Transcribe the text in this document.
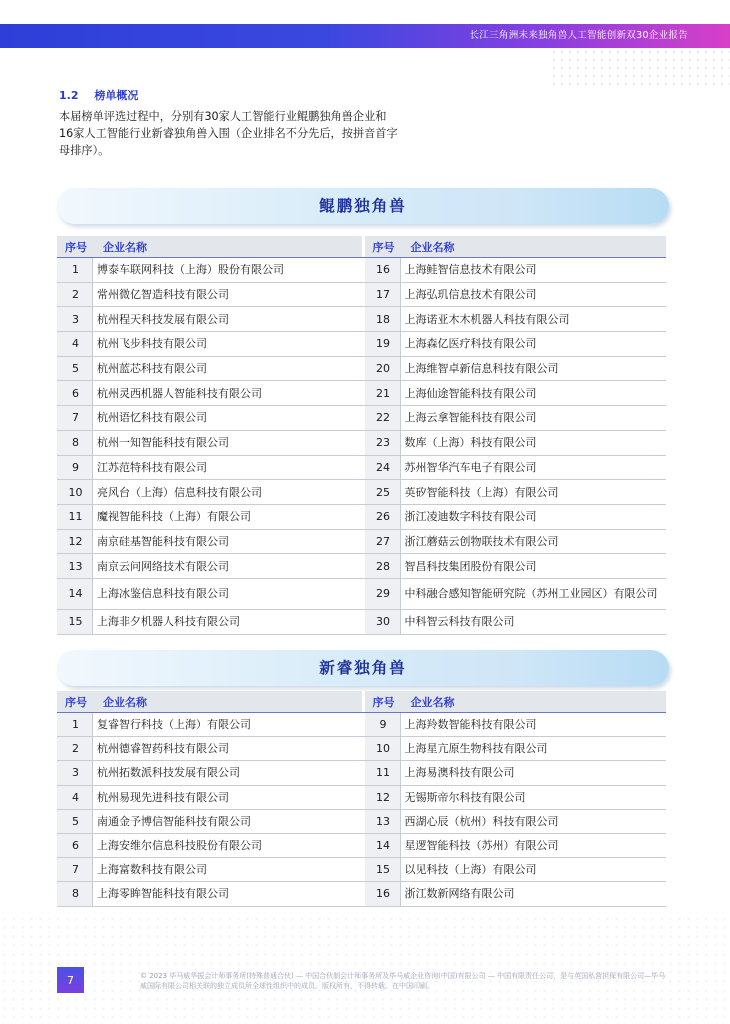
长江三角洲未来独角兽人工智能创新双30企业报告
1.2 榜单概况

本届榜单评选过程中，分别有30家人工智能行业鲲鹏独角兽企业和16家人工智能行业新睿独角兽入围（企业排名不分先后，按拼音首字母排序）。

鲲鹏独角兽
序号	企业名称	序号	企业名称
1	博泰车联网科技（上海）股份有限公司	16	上海鲑智信息技术有限公司
2	常州微亿智造科技有限公司	17	上海弘玑信息技术有限公司
3	杭州程天科技发展有限公司	18	上海诺亚木木机器人科技有限公司
4	杭州飞步科技有限公司	19	上海森亿医疗科技有限公司
5	杭州蓝芯科技有限公司	20	上海维智卓新信息科技有限公司
6	杭州灵西机器人智能科技有限公司	21	上海仙途智能科技有限公司
7	杭州语忆科技有限公司	22	上海云拿智能科技有限公司
8	杭州一知智能科技有限公司	23	数库（上海）科技有限公司
9	江苏范特科技有限公司	24	苏州智华汽车电子有限公司
10	亮风台（上海）信息科技有限公司	25	英矽智能科技（上海）有限公司
11	魔视智能科技（上海）有限公司	26	浙江凌迪数字科技有限公司
12	南京硅基智能科技有限公司	27	浙江蘑菇云创物联技术有限公司
13	南京云问网络技术有限公司	28	智昌科技集团股份有限公司
14	上海冰鉴信息科技有限公司	29	中科融合感知智能研究院（苏州工业园区）有限公司
15	上海非夕机器人科技有限公司	30	中科智云科技有限公司
新睿独角兽
序号	企业名称	序号	企业名称
1	复睿智行科技（上海）有限公司	9	上海羚数智能科技有限公司
2	杭州德睿智药科技有限公司	10	上海星亢原生物科技有限公司
3	杭州拓数派科技发展有限公司	11	上海易澳科技有限公司
4	杭州易现先进科技有限公司	12	无锡斯帝尔科技有限公司
5	南通金予博信智能科技有限公司	13	西湖心辰（杭州）科技有限公司
6	上海安维尔信息科技股份有限公司	14	星逻智能科技（苏州）有限公司
7	上海富数科技有限公司	15	以见科技（上海）有限公司
8	上海零眸智能科技有限公司	16	浙江数新网络有限公司
7	© 2023 毕马威华振会计师事务所(特殊普通合伙) — 中国合伙制会计师事务所及毕马威企业咨询(中国)有限公司 — 中国有限责任公司，是与英国私营担保有限公司—毕马威国际有限公司相关联的独立成员所全球性组织中的成员。版权所有，不得转载。在中国印刷。
